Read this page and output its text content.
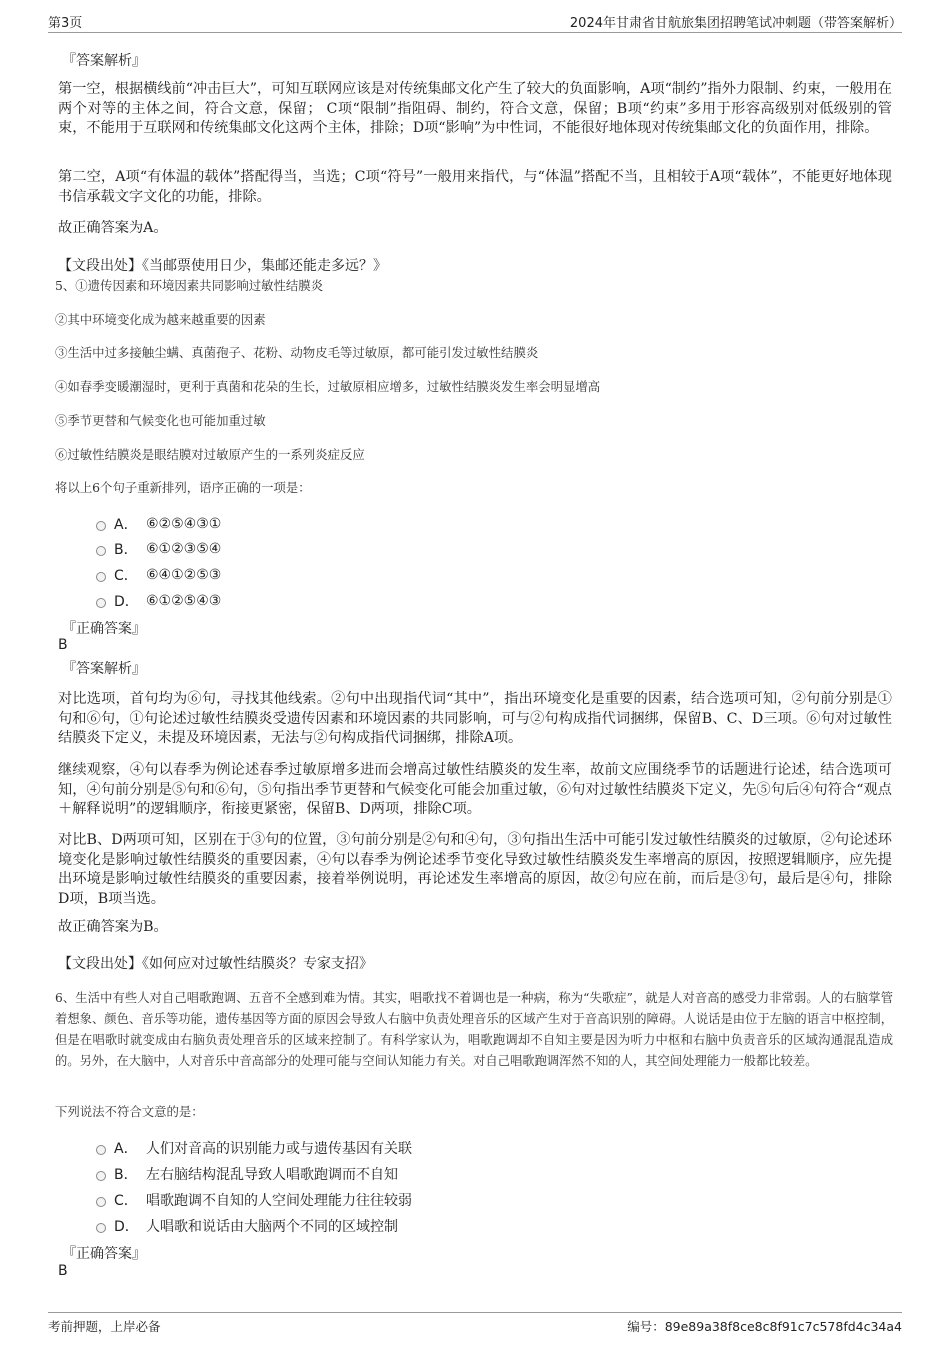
第3页	2024年甘肃省甘航旅集团招聘笔试冲刺题（带答案解析）
『答案解析』
第一空，根据横线前“冲击巨大”，可知互联网应该是对传统集邮文化产生了较大的负面影响，A项“制约”指外力限制、约束，一般用在两个对等的主体之间，符合文意，保留； C项“限制”指阻碍、制约，符合文意，保留；B项“约束”多用于形容高级别对低级别的管束，不能用于互联网和传统集邮文化这两个主体，排除；D项“影响”为中性词，不能很好地体现对传统集邮文化的负面作用，排除。
第二空，A项“有体温的载体”搭配得当，当选；C项“符号”一般用来指代，与“体温”搭配不当，且相较于A项“载体”，不能更好地体现书信承载文字文化的功能，排除。
故正确答案为A。
【文段出处】《当邮票使用日少，集邮还能走多远？》
5、①遗传因素和环境因素共同影响过敏性结膜炎
②其中环境变化成为越来越重要的因素
③生活中过多接触尘螨、真菌孢子、花粉、动物皮毛等过敏原，都可能引发过敏性结膜炎
④如春季变暖潮湿时，更利于真菌和花朵的生长，过敏原相应增多，过敏性结膜炎发生率会明显增高
⑤季节更替和气候变化也可能加重过敏
⑥过敏性结膜炎是眼结膜对过敏原产生的一系列炎症反应
将以上6个句子重新排列，语序正确的一项是：
A． ⑥②⑤④③①
B． ⑥①②③⑤④
C． ⑥④①②⑤③
D． ⑥①②⑤④③
『正确答案』
B
『答案解析』
对比选项，首句均为⑥句，寻找其他线索。②句中出现指代词“其中”，指出环境变化是重要的因素，结合选项可知，②句前分别是①句和⑥句，①句论述过敏性结膜炎受遗传因素和环境因素的共同影响，可与②句构成指代词捆绑，保留B、C、D三项。⑥句对过敏性结膜炎下定义，未提及环境因素，无法与②句构成指代词捆绑，排除A项。
继续观察，④句以春季为例论述春季过敏原增多进而会增高过敏性结膜炎的发生率，故前文应围绕季节的话题进行论述，结合选项可知，④句前分别是⑤句和⑥句，⑤句指出季节更替和气候变化可能会加重过敏，⑥句对过敏性结膜炎下定义，先⑤句后④句符合“观点＋解释说明”的逻辑顺序，衔接更紧密，保留B、D两项，排除C项。
对比B、D两项可知，区别在于③句的位置，③句前分别是②句和④句，③句指出生活中可能引发过敏性结膜炎的过敏原，②句论述环境变化是影响过敏性结膜炎的重要因素，④句以春季为例论述季节变化导致过敏性结膜炎发生率增高的原因，按照逻辑顺序，应先提出环境是影响过敏性结膜炎的重要因素，接着举例说明，再论述发生率增高的原因，故②句应在前，而后是③句，最后是④句，排除D项，B项当选。
故正确答案为B。
【文段出处】《如何应对过敏性结膜炎？专家支招》
6、生活中有些人对自己唱歌跑调、五音不全感到难为情。其实，唱歌找不着调也是一种病，称为“失歌症”，就是人对音高的感受力非常弱。人的右脑掌管着想象、颜色、音乐等功能，遗传基因等方面的原因会导致人右脑中负责处理音乐的区域产生对于音高识别的障碍。人说话是由位于左脑的语言中枢控制，但是在唱歌时就变成由右脑负责处理音乐的区域来控制了。有科学家认为，唱歌跑调却不自知主要是因为听力中枢和右脑中负责音乐的区域沟通混乱造成的。另外，在大脑中，人对音乐中音高部分的处理可能与空间认知能力有关。对自己唱歌跑调浑然不知的人，其空间处理能力一般都比较差。
下列说法不符合文意的是：
A． 人们对音高的识别能力或与遗传基因有关联
B． 左右脑结构混乱导致人唱歌跑调而不自知
C． 唱歌跑调不自知的人空间处理能力往往较弱
D． 人唱歌和说话由大脑两个不同的区域控制
『正确答案』
B
考前押题，上岸必备	编号：89e89a38f8ce8c8f91c7c578fd4c34a4
